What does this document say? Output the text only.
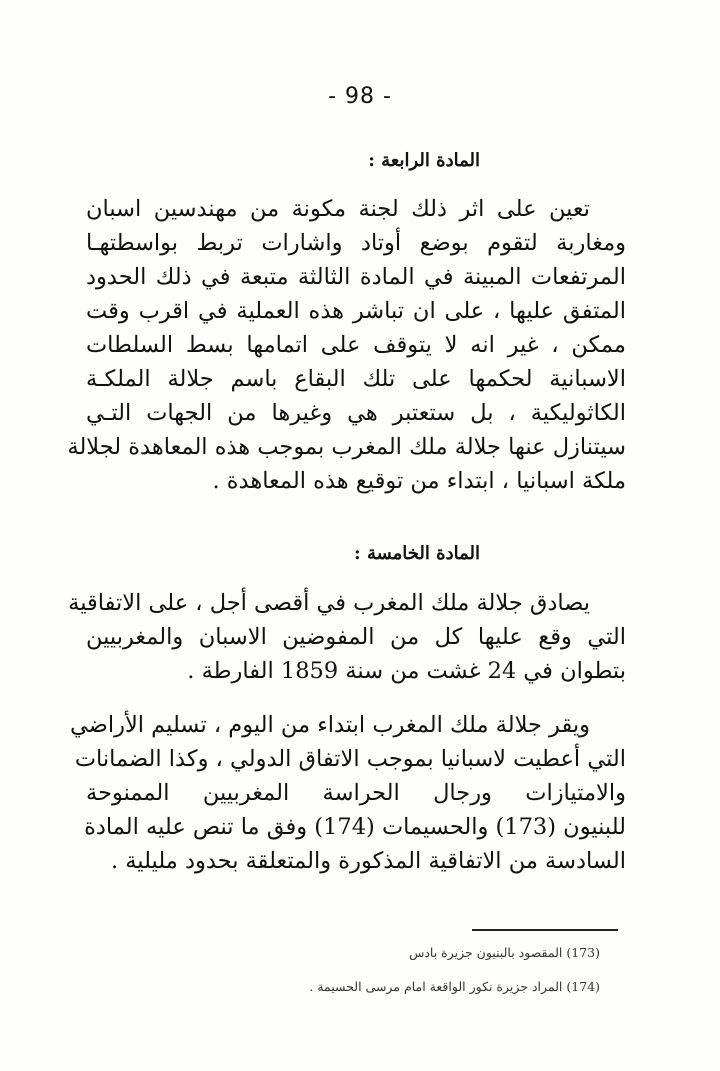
- 98 -
المادة الرابعة :
تعين على اثر ذلك لجنة مكونة من مهندسين اسبان
ومغاربة لتقوم بوضع أوتاد واشارات تربط بواسطتهـا
المرتفعات المبينة في المادة الثالثة متبعة في ذلك الحدود
المتفق عليها ، على ان تباشر هذه العملية في اقرب وقت
ممكن ، غير انه لا يتوقف على اتمامها بسط السلطات
الاسبانية لحكمها على تلك البقاع باسم جلالة الملكـة
الكاثوليكية ، بل ستعتبر هي وغيرها من الجهات التـي
سيتنازل عنها جلالة ملك المغرب بموجب هذه المعاهدة لجلالة
ملكة اسبانيا ، ابتداء من توقيع هذه المعاهدة .
المادة الخامسة :
يصادق جلالة ملك المغرب في أقصى أجل ، على الاتفاقية
التي وقع عليها كل من المفوضين الاسبان والمغربيين
بتطوان في 24 غشت من سنة 1859 الفارطة .
ويقر جلالة ملك المغرب ابتداء من اليوم ، تسليم الأراضي
التي أعطيت لاسبانيا بموجب الاتفاق الدولي ، وكذا الضمانات
والامتيازات ورجال الحراسة المغربيين الممنوحة
للبنيون (173) والحسيمات (174) وفق ما تنص عليه المادة
السادسة من الاتفاقية المذكورة والمتعلقة بحدود مليلية .
(173) المقصود بالبنيون جزيرة بادس
(174) المراد جزيرة نكور الواقعة امام مرسى الحسيمة .
